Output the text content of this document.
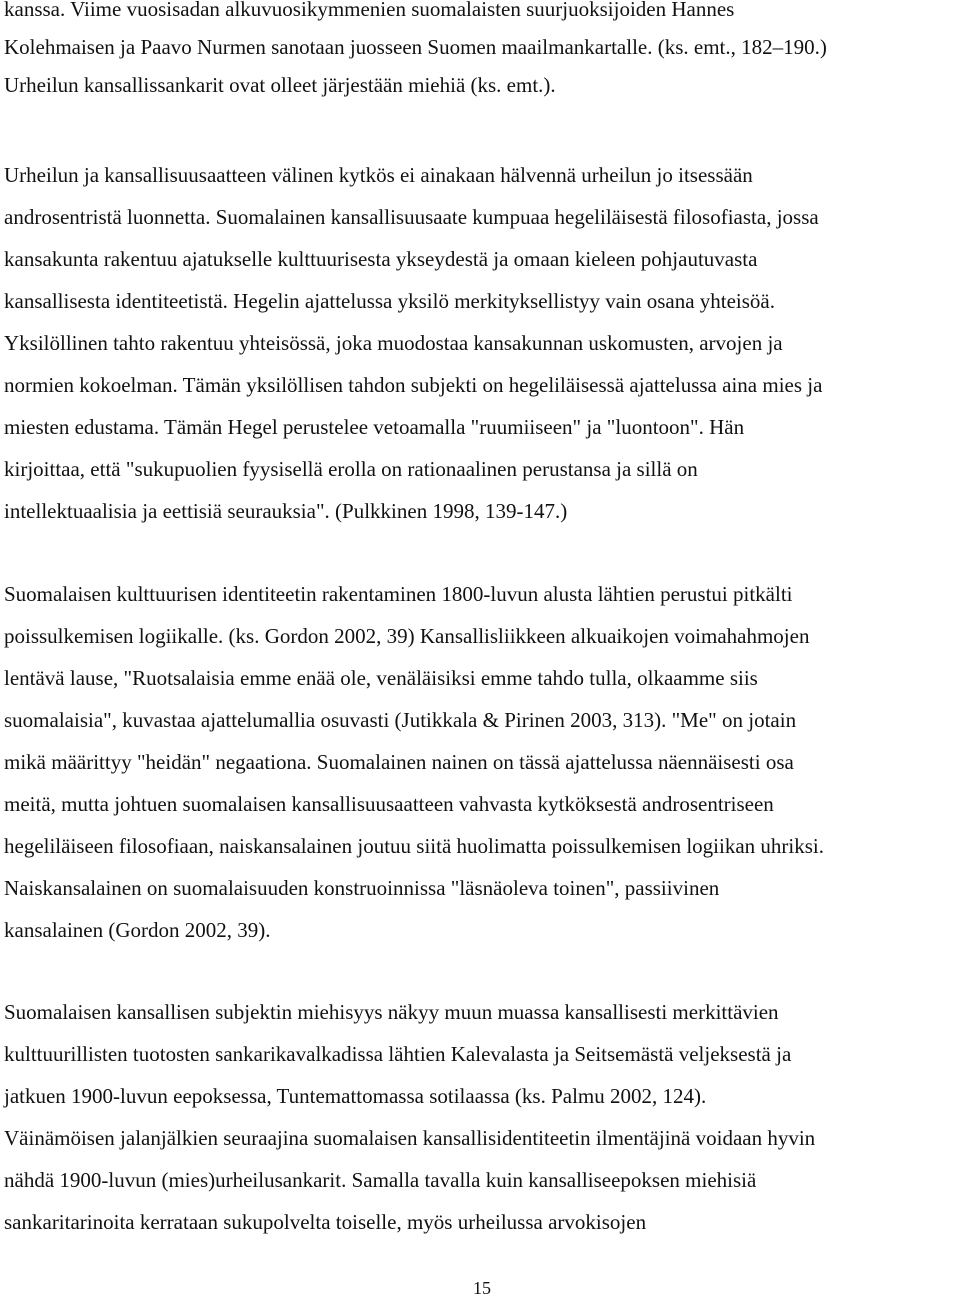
kanssa. Viime vuosisadan alkuvuosikymmenien suomalaisten suurjuoksijoiden Hannes
Kolehmaisen ja Paavo Nurmen sanotaan juosseen Suomen maailmankartalle. (ks. emt., 182–190.)
Urheilun kansallissankarit ovat olleet järjestään miehiä (ks. emt.).
Urheilun ja kansallisuusaatteen välinen kytkös ei ainakaan hälvennä urheilun jo itsessään
androsentristä luonnetta. Suomalainen kansallisuusaate kumpuaa hegeliläisestä filosofiasta, jossa
kansakunta rakentuu ajatukselle kulttuurisesta ykseydestä ja omaan kieleen pohjautuvasta
kansallisesta identiteetistä. Hegelin ajattelussa yksilö merkityksellistyy vain osana yhteisöä.
Yksilöllinen tahto rakentuu yhteisössä, joka muodostaa kansakunnan uskomusten, arvojen ja
normien kokoelman. Tämän yksilöllisen tahdon subjekti on hegeliläisessä ajattelussa aina mies ja
miesten edustama. Tämän Hegel perustelee vetoamalla "ruumiiseen" ja "luontoon". Hän
kirjoittaa, että "sukupuolien fyysisellä erolla on rationaalinen perustansa ja sillä on
intellektuaalisia ja eettisiä seurauksia". (Pulkkinen 1998, 139-147.)
Suomalaisen kulttuurisen identiteetin rakentaminen 1800-luvun alusta lähtien perustui pitkälti
poissulkemisen logiikalle. (ks. Gordon 2002, 39) Kansallisliikkeen alkuaikojen voimahahmojen
lentävä lause, "Ruotsalaisia emme enää ole, venäläisiksi emme tahdo tulla, olkaamme siis
suomalaisia", kuvastaa ajattelumallia osuvasti (Jutikkala & Pirinen 2003, 313). "Me" on jotain
mikä määrittyy "heidän" negaationa. Suomalainen nainen on tässä ajattelussa näennäisesti osa
meitä, mutta johtuen suomalaisen kansallisuusaatteen vahvasta kytköksestä androsentriseen
hegeliläiseen filosofiaan, naiskansalainen joutuu siitä huolimatta poissulkemisen logiikan uhriksi.
Naiskansalainen on suomalaisuuden konstruoinnissa "läsnäoleva toinen", passiivinen
kansalainen (Gordon 2002, 39).
Suomalaisen kansallisen subjektin miehisyys näkyy muun muassa kansallisesti merkittävien
kulttuurillisten tuotosten sankarikavalkadissa lähtien Kalevalasta ja Seitsemästä veljeksestä ja
jatkuen 1900-luvun eepoksessa, Tuntemattomassa sotilaassa (ks. Palmu 2002, 124).
Väinämöisen jalanjälkien seuraajina suomalaisen kansallisidentiteetin ilmentäjinä voidaan hyvin
nähdä 1900-luvun (mies)urheilusankarit. Samalla tavalla kuin kansalliseepoksen miehisiä
sankaritarinoita kerrataan sukupolvelta toiselle, myös urheilussa arvokisojen
15
